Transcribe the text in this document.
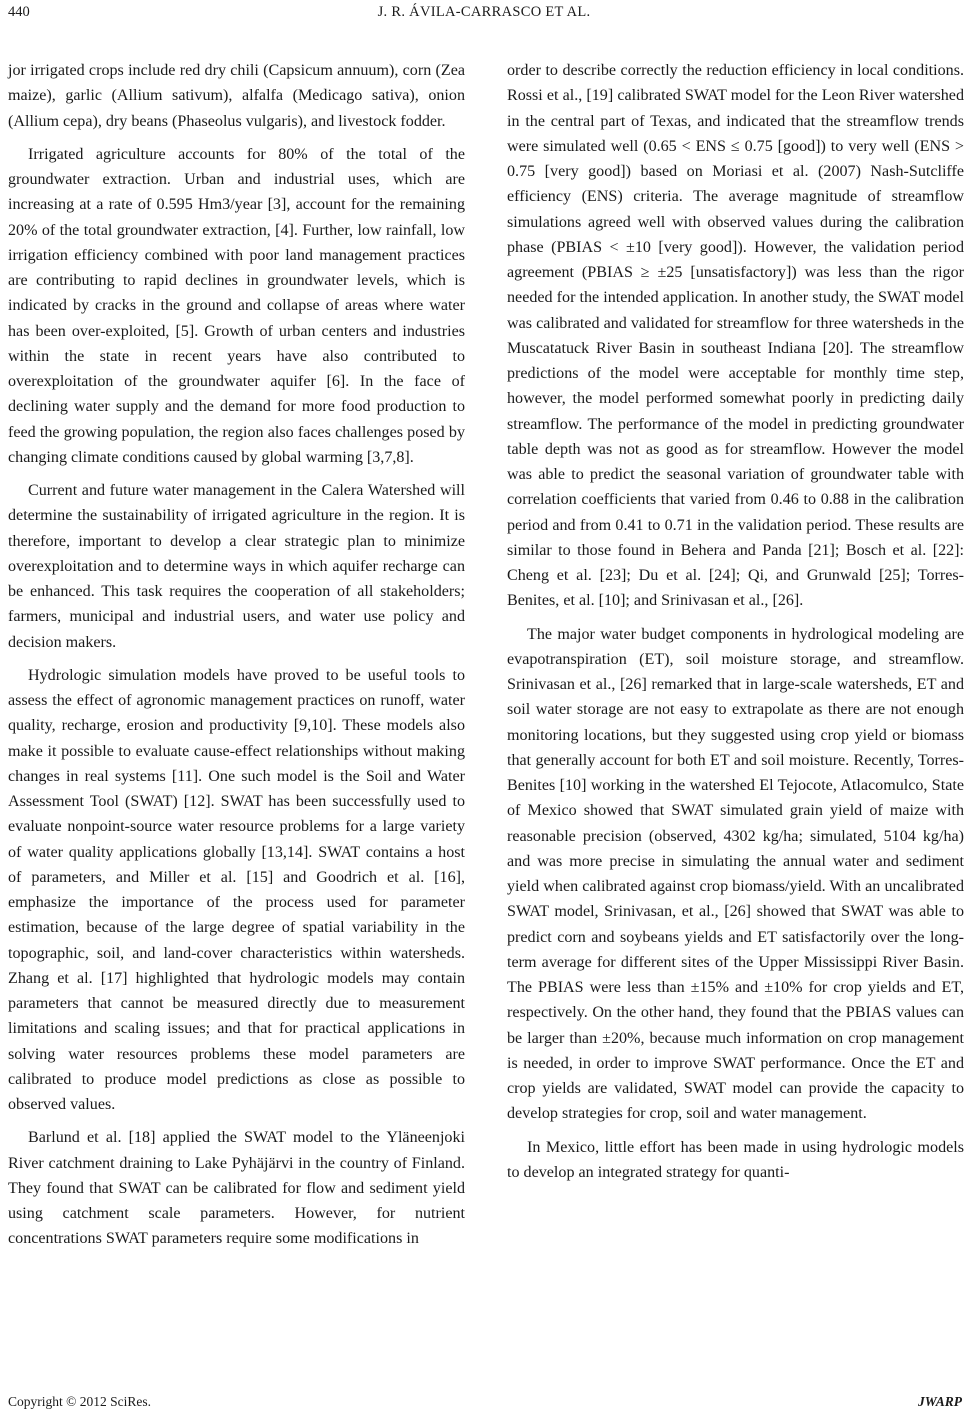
440	J. R. ÁVILA-CARRASCO ET AL.

jor irrigated crops include red dry chili (Capsicum annuum), corn (Zea maize), garlic (Allium sativum), alfalfa (Medicago sativa), onion (Allium cepa), dry beans (Phaseolus vulgaris), and livestock fodder.

Irrigated agriculture accounts for 80% of the total of the groundwater extraction. Urban and industrial uses, which are increasing at a rate of 0.595 Hm3/year [3], account for the remaining 20% of the total groundwater extraction, [4]. Further, low rainfall, low irrigation efficiency combined with poor land management practices are contributing to rapid declines in groundwater levels, which is indicated by cracks in the ground and collapse of areas where water has been over-exploited, [5]. Growth of urban centers and industries within the state in recent years have also contributed to overexploitation of the groundwater aquifer [6]. In the face of declining water supply and the demand for more food production to feed the growing population, the region also faces challenges posed by changing climate conditions caused by global warming [3,7,8].

Current and future water management in the Calera Watershed will determine the sustainability of irrigated agriculture in the region. It is therefore, important to develop a clear strategic plan to minimize overexploitation and to determine ways in which aquifer recharge can be enhanced. This task requires the cooperation of all stakeholders; farmers, municipal and industrial users, and water use policy and decision makers.

Hydrologic simulation models have proved to be useful tools to assess the effect of agronomic management practices on runoff, water quality, recharge, erosion and productivity [9,10]. These models also make it possible to evaluate cause-effect relationships without making changes in real systems [11]. One such model is the Soil and Water Assessment Tool (SWAT) [12]. SWAT has been successfully used to evaluate nonpoint-source water resource problems for a large variety of water quality applications globally [13,14]. SWAT contains a host of parameters, and Miller et al. [15] and Goodrich et al. [16], emphasize the importance of the process used for parameter estimation, because of the large degree of spatial variability in the topographic, soil, and land-cover characteristics within watersheds. Zhang et al. [17] highlighted that hydrologic models may contain parameters that cannot be measured directly due to measurement limitations and scaling issues; and that for practical applications in solving water resources problems these model parameters are calibrated to produce model predictions as close as possible to observed values.

Barlund et al. [18] applied the SWAT model to the Yläneenjoki River catchment draining to Lake Pyhäjärvi in the country of Finland. They found that SWAT can be calibrated for flow and sediment yield using catchment scale parameters. However, for nutrient concentrations SWAT parameters require some modifications in

order to describe correctly the reduction efficiency in local conditions. Rossi et al., [19] calibrated SWAT model for the Leon River watershed in the central part of Texas, and indicated that the streamflow trends were simulated well (0.65 < ENS ≤ 0.75 [good]) to very well (ENS > 0.75 [very good]) based on Moriasi et al. (2007) Nash-Sutcliffe efficiency (ENS) criteria. The average magnitude of streamflow simulations agreed well with observed values during the calibration phase (PBIAS < ±10 [very good]). However, the validation period agreement (PBIAS ≥ ±25 [unsatisfactory]) was less than the rigor needed for the intended application. In another study, the SWAT model was calibrated and validated for streamflow for three watersheds in the Muscatatuck River Basin in southeast Indiana [20]. The streamflow predictions of the model were acceptable for monthly time step, however, the model performed somewhat poorly in predicting daily streamflow. The performance of the model in predicting groundwater table depth was not as good as for streamflow. However the model was able to predict the seasonal variation of groundwater table with correlation coefficients that varied from 0.46 to 0.88 in the calibration period and from 0.41 to 0.71 in the validation period. These results are similar to those found in Behera and Panda [21]; Bosch et al. [22]: Cheng et al. [23]; Du et al. [24]; Qi, and Grunwald [25]; Torres-Benites, et al. [10]; and Srinivasan et al., [26].

The major water budget components in hydrological modeling are evapotranspiration (ET), soil moisture storage, and streamflow. Srinivasan et al., [26] remarked that in large-scale watersheds, ET and soil water storage are not easy to extrapolate as there are not enough monitoring locations, but they suggested using crop yield or biomass that generally account for both ET and soil moisture. Recently, Torres-Benites [10] working in the watershed El Tejocote, Atlacomulco, State of Mexico showed that SWAT simulated grain yield of maize with reasonable precision (observed, 4302 kg/ha; simulated, 5104 kg/ha) and was more precise in simulating the annual water and sediment yield when calibrated against crop biomass/yield. With an uncalibrated SWAT model, Srinivasan, et al., [26] showed that SWAT was able to predict corn and soybeans yields and ET satisfactorily over the long-term average for different sites of the Upper Mississippi River Basin. The PBIAS were less than ±15% and ±10% for crop yields and ET, respectively. On the other hand, they found that the PBIAS values can be larger than ±20%, because much information on crop management is needed, in order to improve SWAT performance. Once the ET and crop yields are validated, SWAT model can provide the capacity to develop strategies for crop, soil and water management.

In Mexico, little effort has been made in using hydrologic models to develop an integrated strategy for quanti-

Copyright © 2012 SciRes.	JWARP
